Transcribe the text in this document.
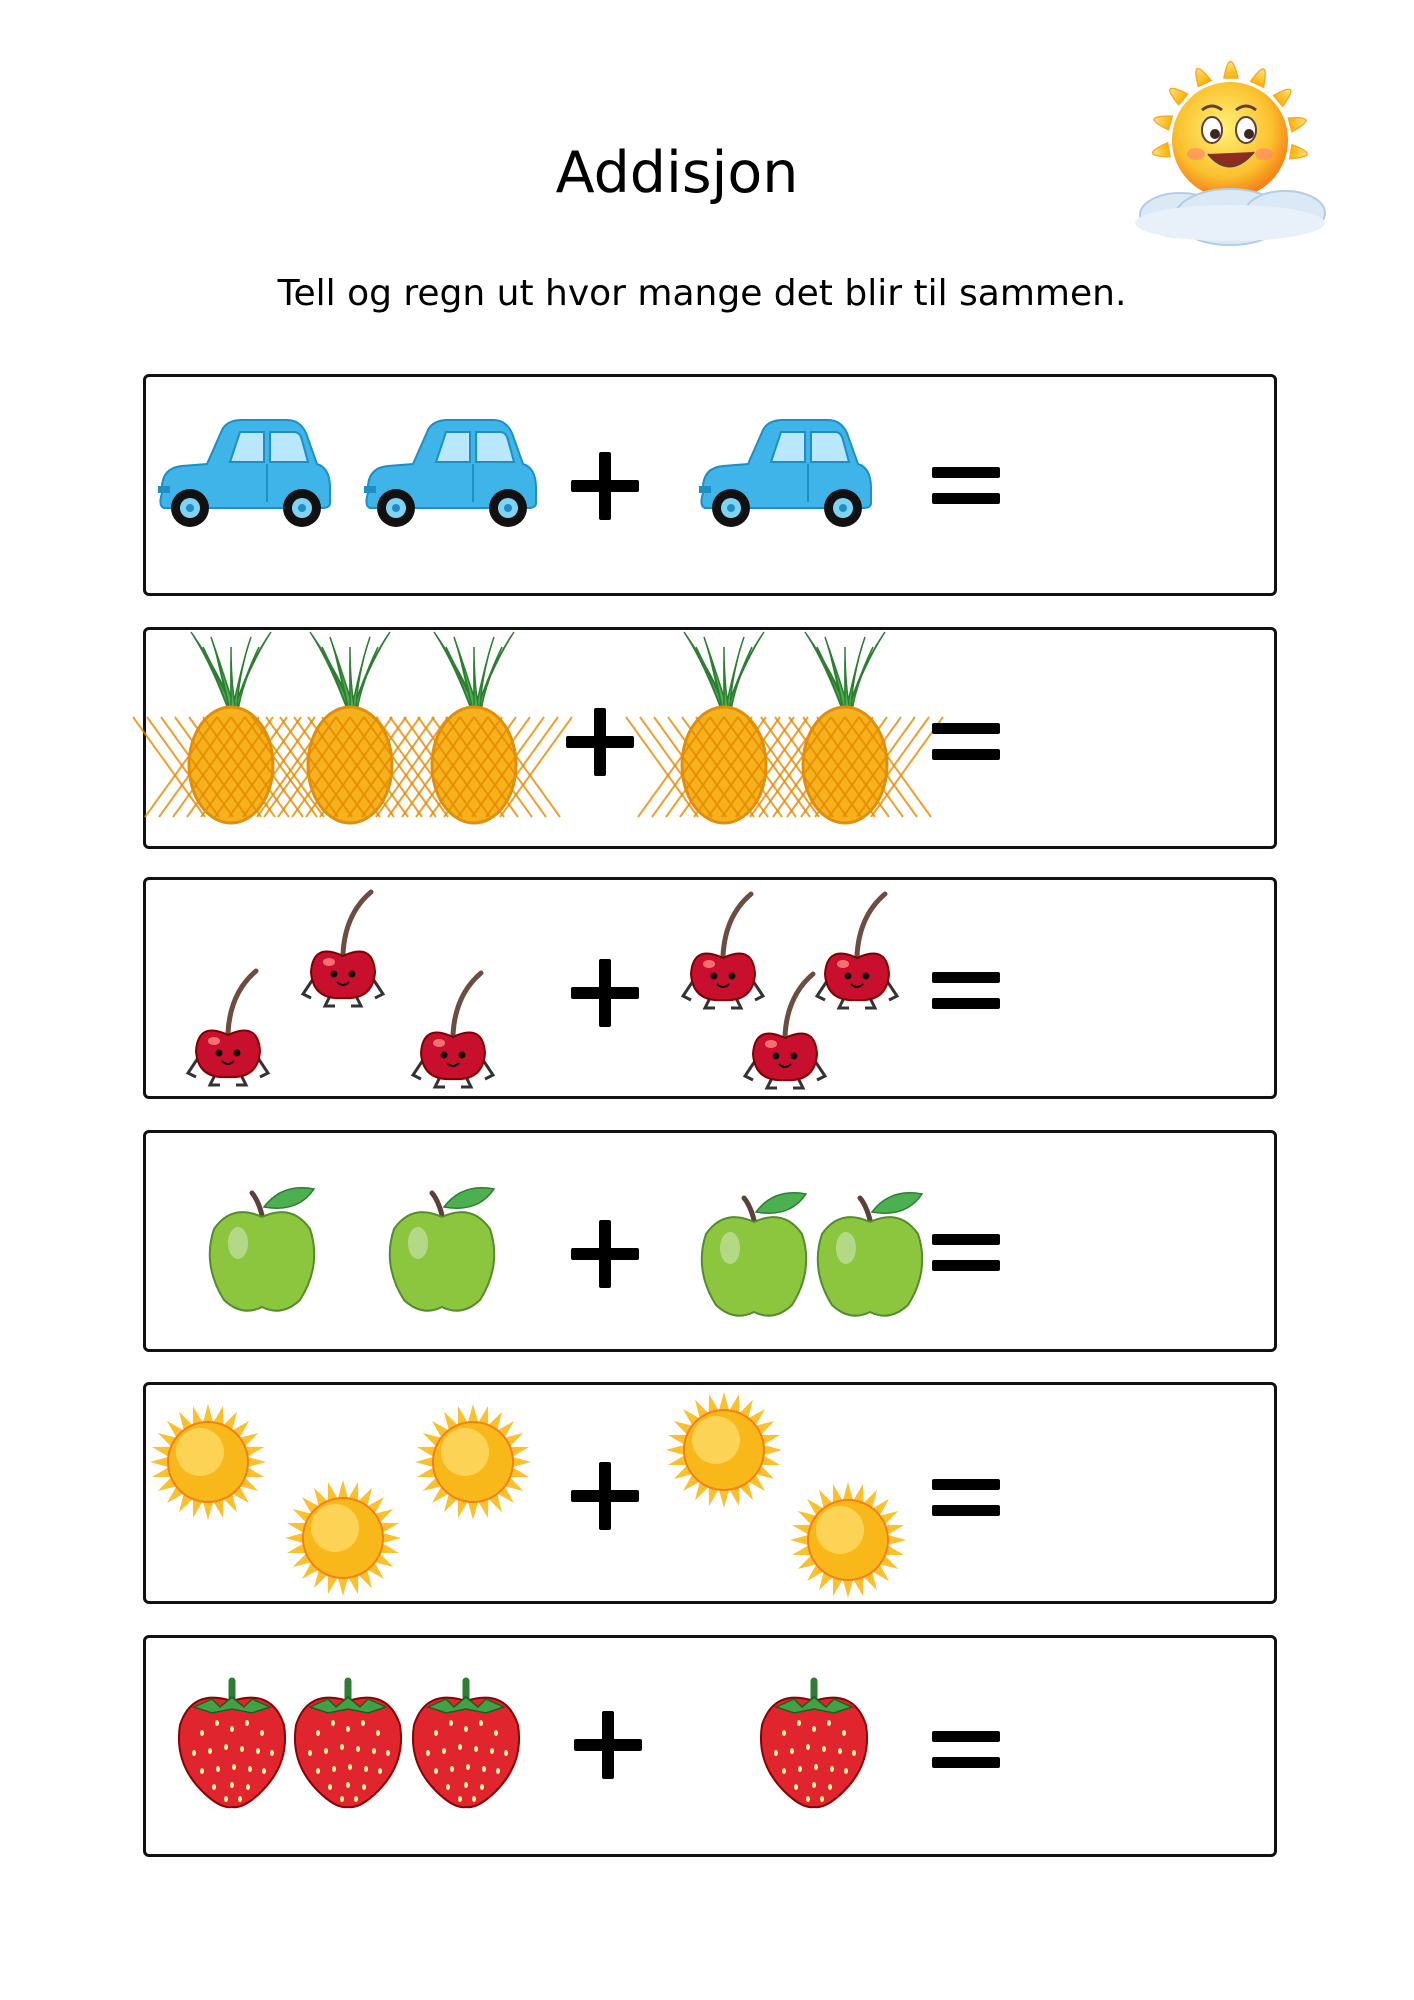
Addisjon
Tell og regn ut hvor mange det blir til sammen.
